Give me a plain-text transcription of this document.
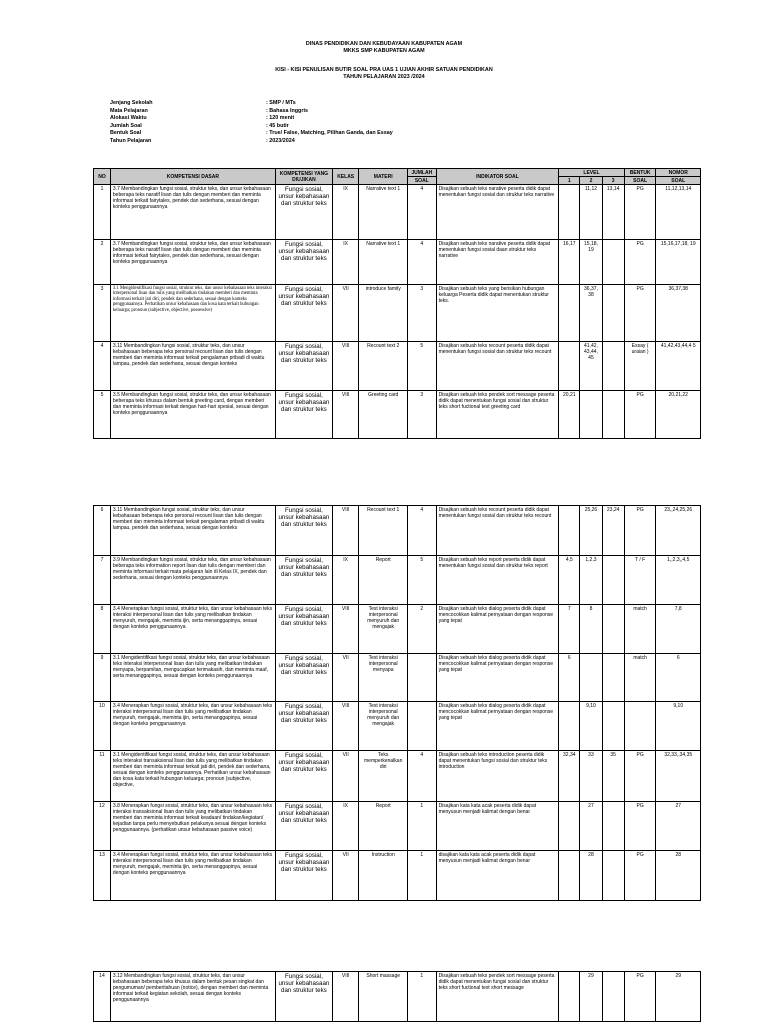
DINAS PENDIDIKAN DAN KEBUDAYAAN KABUPATEN AGAM
MKKS SMP KABUPATEN AGAM
KISI - KISI PENULISAN BUTIR SOAL PRA UAS 1 UJIAN AKHIR SATUAN PENDIDIKAN
TAHUN PELAJARAN 2023 /2024
Jenjang Sekolah	: SMP / MTs
Mata Pelajaran	: Bahasa Inggris
Alokasi Waktu	: 120 menit
Jumlah Soal	: 45 butir
Bentuk Soal	: True/ False, Matching, Pilihan Ganda, dan Essay
Tahun Pelajaran	: 2023/2024
NO	KOMPETENSI DASAR	KOMPETENSI YANG DIUJIKAN	KELAS	MATERI	JUMLAH	INDIKATOR SOAL	LEVEL			BENTUK	NOMOR
					SOAL		1	2	3	SOAL	SOAL
1	3.7 Membandingkan fungsi sosial, struktur teks, dan unsur kebahasaan beberapa teks naratif lisan dan tulis dengan memberi dan meminta informasi terkait fairytales, pendek dan sederhana, sesuai dengan konteks penggunaannya	Fungsi sosial, unsur kebahasaan dan struktur teks	IX	Narrative text 1	4	Disajikan sebuah teks narative peserta didik dapat menentukan fungsi sosial dan struktur teks narrative		11,12	13,14	PG	11,12,13,14
2	3.7 Membandingkan fungsi sosial, struktur teks, dan unsur kebahasaan beberapa teks naratif lisan dan tulis dengan memberi dan meminta informasi terkait fairytales, pendek dan sederhana, sesuai dengan konteks penggunaannya	Fungsi sosial, unsur kebahasaan dan struktur teks	IX	Narrative text 1	4	Disajikan sebuah teks narative peserta didik dapat menentukan fungsi sosial daan struktur teks narrative	16,17	15,18, 19		PG	15,16,17,18, 19
3	3.1 Mengidentifikasi fungsi sosial, struktur teks, dan unsur kebahasaan teks interaksi interpersonal lisan dan tulis yang melibatkan tindakan memberi dan meminta informasi terkait jati diri, pendek dan sederhana, sesuai dengan konteks penggunaannya. Perhatikan unsur kebahasaan dan kosa kata terkait hubungan keluarga; pronoun (subjective, objective, possessive)	Fungsi sosial, unsur kebahasaan dan struktur teks	VII	introduce family	3	Disajikan sebuah teks yang berisikan hubungan keluarga Peserta didik dapat menentukan struktur teks.		36,37, 38		PG	36,37,38
4	3.11 Membandingkan fungsi sosial, struktur teks, dan unsur kebahasaan beberapa teks personal recount lisan dan tulis dengan memberi dan meminta informasi terkait pengalaman pribadi di waktu lampau, pendek dan sederhana, sesuai dengan konteks	Fungsi sosial, unsur kebahasaan dan struktur teks	VIII	Recount text 2	5	Disajikan sebuah teks recount peserta didik dapat menentukan fungsi sosial dan struktur teks recount		41,42, 43,44, 45		Essay ( uraian )	41,42,43,44,4 5
5	3.5 Membandingkan fungsi sosial, struktur teks, dan unsur kebahasaan beberapa teks khusus dalam bentuk greeting card, dengan memberi dan meminta informasi terkait dengan hari-hari spesial, sesuai dengan konteks penggunaannya	Fungsi sosial, unsur kebahasaan dan struktur teks	VIII	Greeting card	3	Disajikan sebuah teks pendek sort message peserta didik dapat menentukan fungsi sosial dan struktur teks short fuctional text greeting card	20,21			PG	20,21,22
6	3.11 Membandingkan fungsi sosial, struktur teks, dan unsur kebahasaan beberapa teks personal recount lisan dan tulis dengan memberi dan meminta informasi terkait pengalaman pribadi di waktu lampau, pendek dan sederhana, sesuai dengan konteks	Fungsi sosial, unsur kebahasaan dan struktur teks	VIII	Recount text 1	4	Disajikan sebuah teks recount peserta didik dapat menentukan fungsi sosial dan struktur teks recount		25,26	23,24	PG	23,,24,25,26
7	3.9 Membandingkan fungsi sosial, struktur teks, dan unsur kebahasaan beberapa teks information report lisan dan tulis dengan memberi dan meminta informasi terkait mata pelajaran lain di Kelas IX, pendek dan sederhana, sesuai dengan konteks penggunaannya	Fungsi sosial, unsur kebahasaan dan struktur teks	IX	Report	5	Disajikan sebuah teks report peserta didik dapat menentukan fungsi sosial dan struktur teks report	4,5	1,2,3		T / F	1,,2,3,,4,5
8	3.4 Menerapkan fungsi sosial, struktur teks, dan unsur kebahasaan teks interaksi interpersonal lisan dan tulis yang melibatkan tindakan menyuruh, mengajak, meminta ijin, serta menanggapinya, sesuai dengan konteks penggunaannya	Fungsi sosial, unsur kebahasaan dan struktur teks	VIII	Text interaksi interpersonal menyuruh dan mengajak	2	Disajikan sebuah teks dialog peserta didik dapat mencocokkan kalimat pernyataan dengan response yang tepat	7	8		match	7,8
9	3.1 Mengidentifikasi fungsi sosial, struktur teks, dan unsur kebahasaan teks interaksi interpersonal lisan dan tulis yang melibatkan tindakan menyapa, berpamitan, mengucapkan terimakasih, dan meminta maaf, serta menanggapinya, sesuai dengan konteks penggunaannya	Fungsi sosial, unsur kebahasaan dan struktur teks	VII	Text interaksi interpersonal menyapa		Disajikan sebuah teks dialog peserta didik dapat mencocokkan kalimat pernyataan dengan response yang tepat	6			match	6
10	3.4 Menerapkan fungsi sosial, struktur teks, dan unsur kebahasaan teks interaksi interpersonal lisan dan tulis yang melibatkan tindakan menyuruh, mengajak, meminta ijin, serta menanggapinya, sesuai dengan konteks penggunaannya	Fungsi sosial, unsur kebahasaan dan struktur teks	VIII	Text interaksi interpersonal menyuruh dan mengajak		Disajikan sebuah teks dialog peserta didik dapat mencocokkan kalimat pernyataan dengan response yang tepat		9,10			9,10
11	3.1 Mengidentifikasi fungsi sosial, struktur teks, dan unsur kebahasaan teks interaksi transaksional lisan dan tulis yang melibatkan tindakan memberi dan meminta informasi terkait jati diri, pendek dan sederhana, sesuai dengan konteks penggunaannya. Perhatikan unsur kebahasaan dan kosa kata terkait hubungan keluarga; pronoun (subjective, objective,	Fungsi sosial, unsur kebahasaan dan struktur teks	VII	Teks memperkenalkan diri	4	Disajikan sebuah teks introduction peserta didik dapat menentukan fungsi sosial dan struktur teks introduction	32,34	33	35	PG	32,33,,34,35
12	3.8 Menerapkan fungsi sosial, struktur teks, dan unsur kebahasaan teks interaksi transaksional lisan dan tulis yang melibatkan tindakan memberi dan meminta informasi terkait keadaan/ tindakan/kegiatan/ kejadian tanpa perlu menyebutkan pelakunya sesuai dengan konteks penggunaannya. (perhatikan unsur kebahasaan passive voice)	Fungsi sosial, unsur kebahasaan dan struktur teks	IX	Report	1	Disajikan kata kata acak peserta didik dapat menyusun menjadi kalimat dengan benar		27		PG	27
13	3.4 Menerapkan fungsi sosial, struktur teks, dan unsur kebahasaan teks interaksi interpersonal lisan dan tulis yang melibatkan tindakan menyuruh, mengajak, meminta ijin, serta menanggapinya, sesuai dengan konteks penggunaannya	Fungsi sosial, unsur kebahasaan dan struktur teks	VII	Instruction	1	disajikan kata kata acak peserta didik dapat menyusun menjadi kalimat dengan benar		28		PG	28
14	3.12 Membandingkan fungsi sosial, struktur teks, dan unsur kebahasaan beberapa teks khusus dalam bentuk pesan singkat dan pengumuman/ pemberitahuan (notice), dengan memberi dan meminta informasi terkait kegiatan sekolah, sesuai dengan konteks penggunaannya	Fungsi sosial, unsur kebahasaan dan struktur teks	VIII	Short massage	1	Disajikan sebuah teks pendek sort message peserta didik dapat menentukan fungsi sosial dan struktur teks short fuctional text short message		29		PG	29
